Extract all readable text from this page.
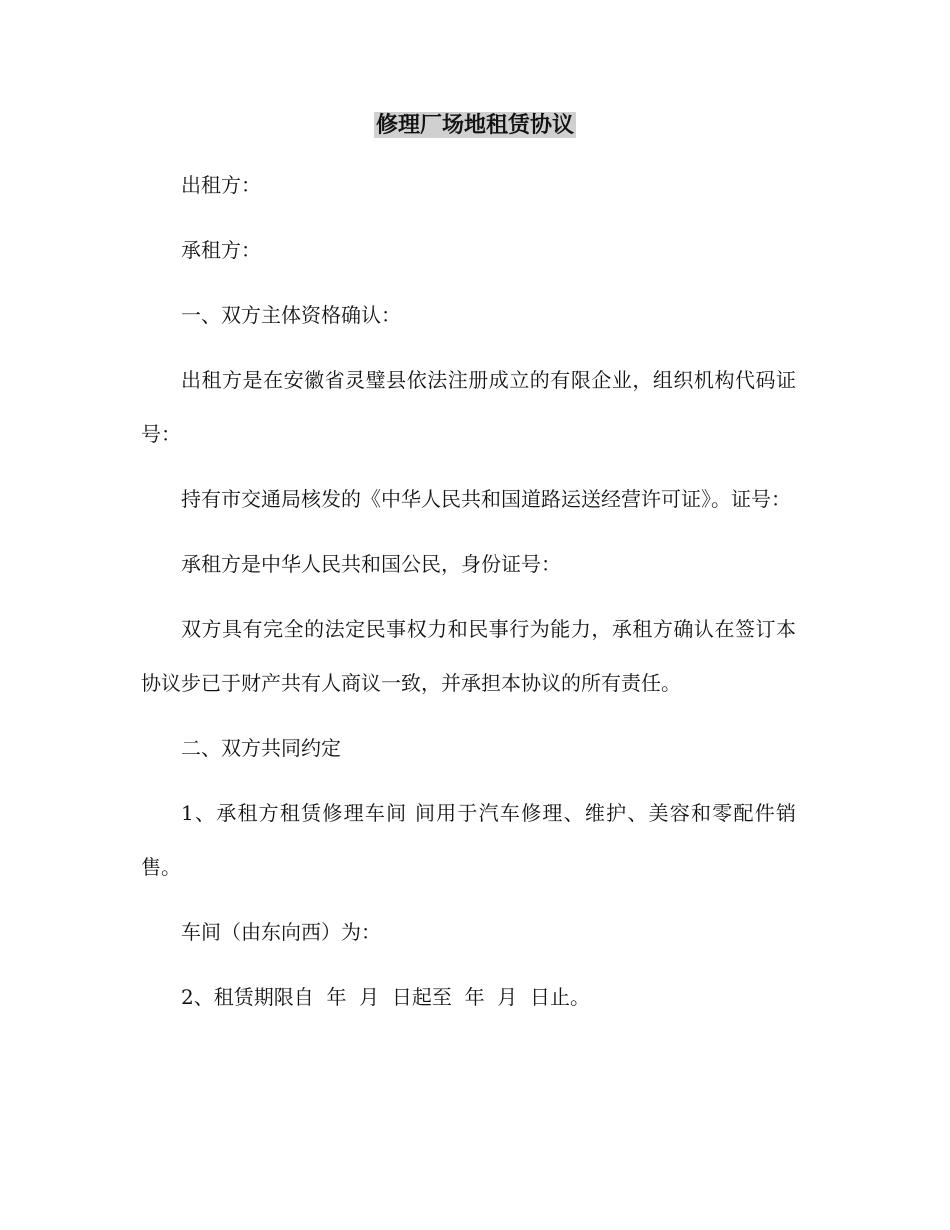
修理厂场地租赁协议

出租方：

承租方：

一、双方主体资格确认：

出租方是在安徽省灵璧县依法注册成立的有限企业，组织机构代码证号：

持有市交通局核发的《中华人民共和国道路运送经营许可证》。证号：

承租方是中华人民共和国公民，身份证号：

双方具有完全的法定民事权力和民事行为能力，承租方确认在签订本协议步已于财产共有人商议一致，并承担本协议的所有责任。

二、双方共同约定

1、承租方租赁修理车间 间用于汽车修理、维护、美容和零配件销售。

车间（由东向西）为：

2、租赁期限自  年  月  日起至  年  月  日止。
